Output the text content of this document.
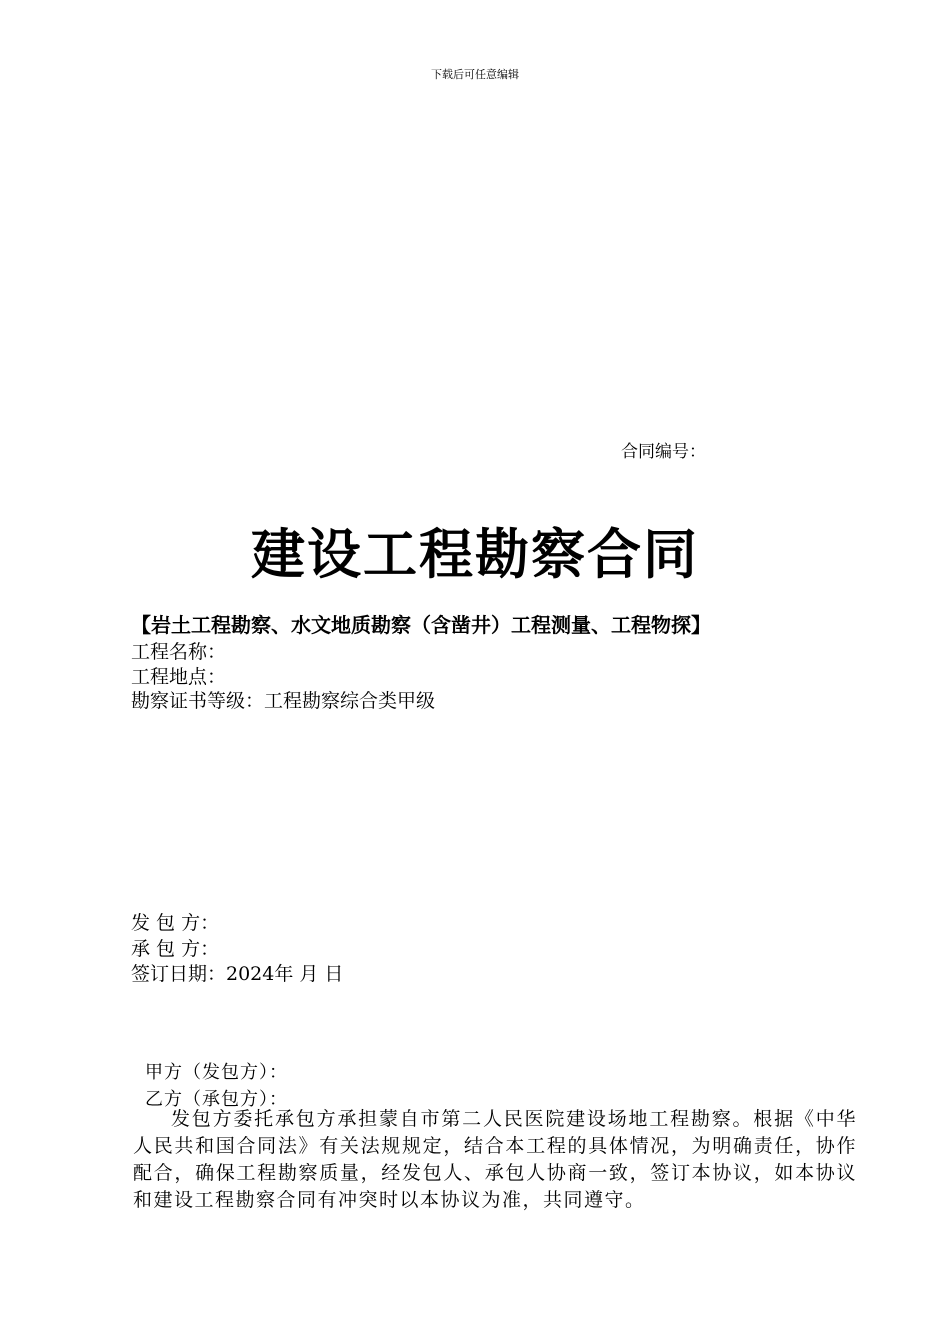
下载后可任意编辑
合同编号：
建设工程勘察合同
【岩土工程勘察、水文地质勘察（含凿井）工程测量、工程物探】
工程名称：
工程地点：
勘察证书等级：工程勘察综合类甲级
发 包 方：
承 包 方：
签订日期：2024年 月 日
甲方（发包方）：
乙方（承包方）：

发包方委托承包方承担蒙自市第二人民医院建设场地工程勘察。根据《中华人民共和国合同法》有关法规规定，结合本工程的具体情况，为明确责任，协作配合，确保工程勘察质量，经发包人、承包人协商一致，签订本协议，如本协议和建设工程勘察合同有冲突时以本协议为准，共同遵守。
